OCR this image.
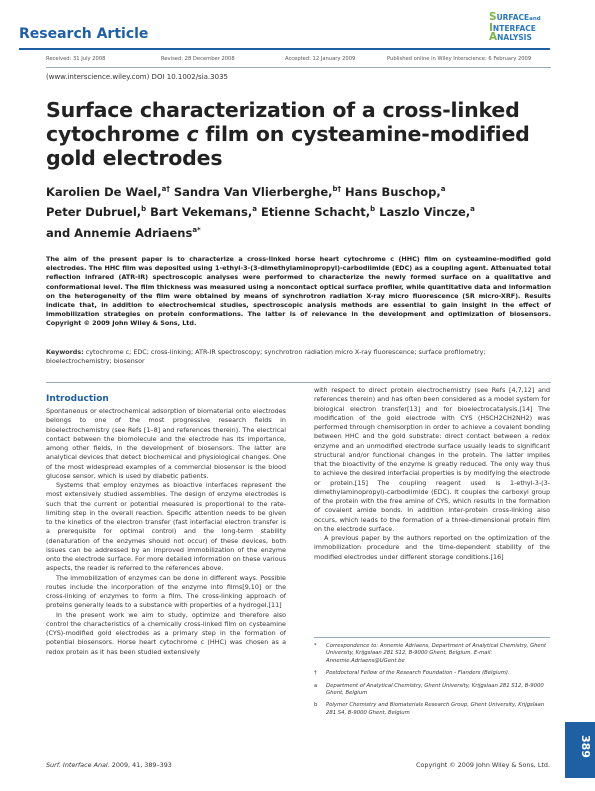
Research Article
SURFACEand
INTERFACE
ANALYSIS
Received: 31 July 2008	Revised: 28 December 2008	Accepted: 12 January 2009	Published online in Wiley Interscience: 6 February 2009
(www.interscience.wiley.com) DOI 10.1002/sia.3035
Surface characterization of a cross-linked cytochrome c film on cysteamine-modified gold electrodes
Karolien De Wael,$^{a\dagger}$ Sandra Van Vlierberghe,$^{b\dagger}$ Hans Buschop,$^a$
Peter Dubruel,$^b$ Bart Vekemans,$^a$ Etienne Schacht,$^b$ Laszlo Vincze,$^a$
and Annemie Adriaens$^{a*}$
The aim of the present paper is to characterize a cross-linked horse heart cytochrome c (HHC) film on cysteamine-modified gold electrodes. The HHC film was deposited using 1-ethyl-3-(3-dimethylaminopropyl)-carbodiimide (EDC) as a coupling agent. Attenuated total reflection infrared (ATR-IR) spectroscopic analyses were performed to characterize the newly formed surface on a qualitative and conformational level. The film thickness was measured using a noncontact optical surface profiler, while quantitative data and information on the heterogeneity of the film were obtained by means of synchrotron radiation X-ray micro fluorescence (SR micro-XRF). Results indicate that, in addition to electrochemical studies, spectroscopic analysis methods are essential to gain insight in the effect of immobilization strategies on protein conformations. The latter is of relevance in the development and optimization of biosensors. Copyright © 2009 John Wiley & Sons, Ltd.
Keywords: cytochrome c; EDC; cross-linking; ATR-IR spectroscopy; synchrotron radiation micro X-ray fluorescence; surface profilometry; bioelectrochemistry; biosensor
Introduction

Spontaneous or electrochemical adsorption of biomaterial onto electrodes belongs to one of the most progressive research fields in bioelectrochemistry (see Refs [1–8] and references therein). The electrical contact between the biomolecule and the electrode has its importance, among other fields, in the development of biosensors. The latter are analytical devices that detect biochemical and physiological changes. One of the most widespread examples of a commercial biosensor is the blood glucose sensor, which is used by diabetic patients.

Systems that employ enzymes as bioactive interfaces represent the most extensively studied assemblies. The design of enzyme electrodes is such that the current or potential measured is proportional to the rate-limiting step in the overall reaction. Specific attention needs to be given to the kinetics of the electron transfer (fast interfacial electron transfer is a prerequisite for optimal control) and the long-term stability (denaturation of the enzymes should not occur) of these devices, both issues can be addressed by an improved immobilization of the enzyme onto the electrode surface. For more detailed information on these various aspects, the reader is referred to the references above.

The immobilization of enzymes can be done in different ways. Possible routes include the incorporation of the enzyme into films[9,10] or the cross-linking of enzymes to form a film. The cross-linking approach of proteins generally leads to a substance with properties of a hydrogel.[11]

In the present work we aim to study, optimize and therefore also control the characteristics of a chemically cross-linked film on cysteamine (CYS)-modified gold electrodes as a primary step in the formation of potential biosensors. Horse heart cytochrome c (HHC) was chosen as a redox protein as it has been studied extensively

with respect to direct protein electrochemistry (see Refs [4,7,12] and references therein) and has often been considered as a model system for biological electron transfer[13] and for bioelectrocatalysis.[14] The modification of the gold electrode with CYS (HSCH2CH2NH2) was performed through chemisorption in order to achieve a covalent bonding between HHC and the gold substrate: direct contact between a redox enzyme and an unmodified electrode surface usually leads to significant structural and/or functional changes in the protein. The latter implies that the bioactivity of the enzyme is greatly reduced. The only way thus to achieve the desired interfacial properties is by modifying the electrode or protein.[15] The coupling reagent used is 1-ethyl-3-(3-dimethylaminopropyl)-carbodiimide (EDC). It couples the carboxyl group of the protein with the free amine of CYS, which results in the formation of covalent amide bonds. In addition inter-protein cross-linking also occurs, which leads to the formation of a three-dimensional protein film on the electrode surface.

A previous paper by the authors reported on the optimization of the immobilization procedure and the time-dependent stability of the modified electrodes under different storage conditions.[16]

* Correspondence to: Annemie Adriaens, Department of Analytical Chemistry, Ghent University, Krijgslaan 281 S12, B-9000 Ghent, Belgium. E-mail: Annemie.Adriaens@UGent.be
† Postdoctoral Fellow of the Research Foundation - Flanders (Belgium).
a Department of Analytical Chemistry, Ghent University, Krijgslaan 281 S12, B-9000 Ghent, Belgium
b Polymer Chemistry and Biomaterials Research Group, Ghent University, Krijgslaan 281 S4, B-9000 Ghent, Belgium
389
Surf. Interface Anal. 2009, 41, 389–393	Copyright © 2009 John Wiley & Sons, Ltd.
